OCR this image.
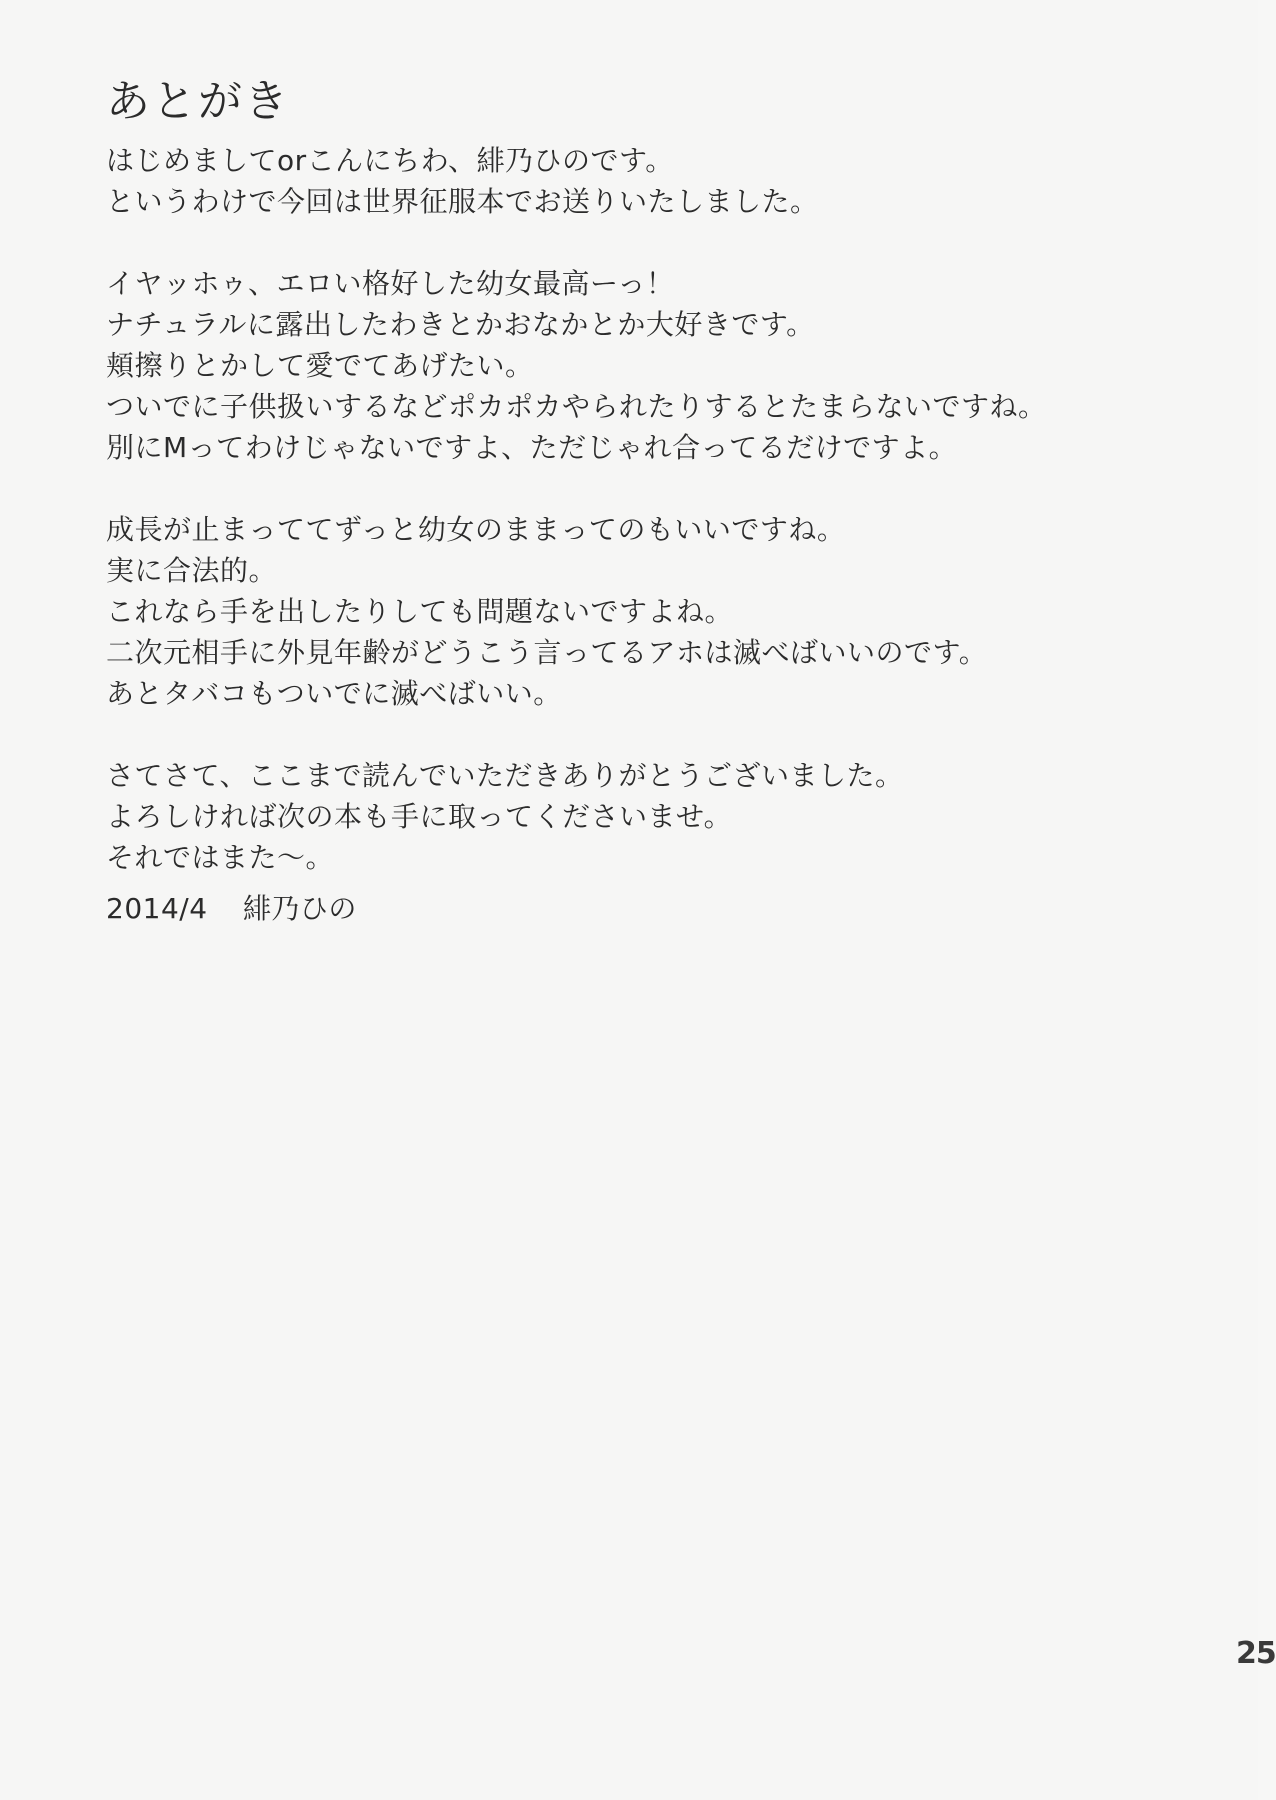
あとがき

はじめましてorこんにちわ、緋乃ひのです。
というわけで今回は世界征服本でお送りいたしました。

イヤッホゥ、エロい格好した幼女最高ーっ！
ナチュラルに露出したわきとかおなかとか大好きです。
頬擦りとかして愛でてあげたい。
ついでに子供扱いするなどポカポカやられたりするとたまらないですね。
別にMってわけじゃないですよ、ただじゃれ合ってるだけですよ。

成長が止まっててずっと幼女のままってのもいいですね。
実に合法的。
これなら手を出したりしても問題ないですよね。
二次元相手に外見年齢がどうこう言ってるアホは滅べばいいのです。
あとタバコもついでに滅べばいい。

さてさて、ここまで読んでいただきありがとうございました。
よろしければ次の本も手に取ってくださいませ。
それではまた～。

2014/4 緋乃ひの
25
